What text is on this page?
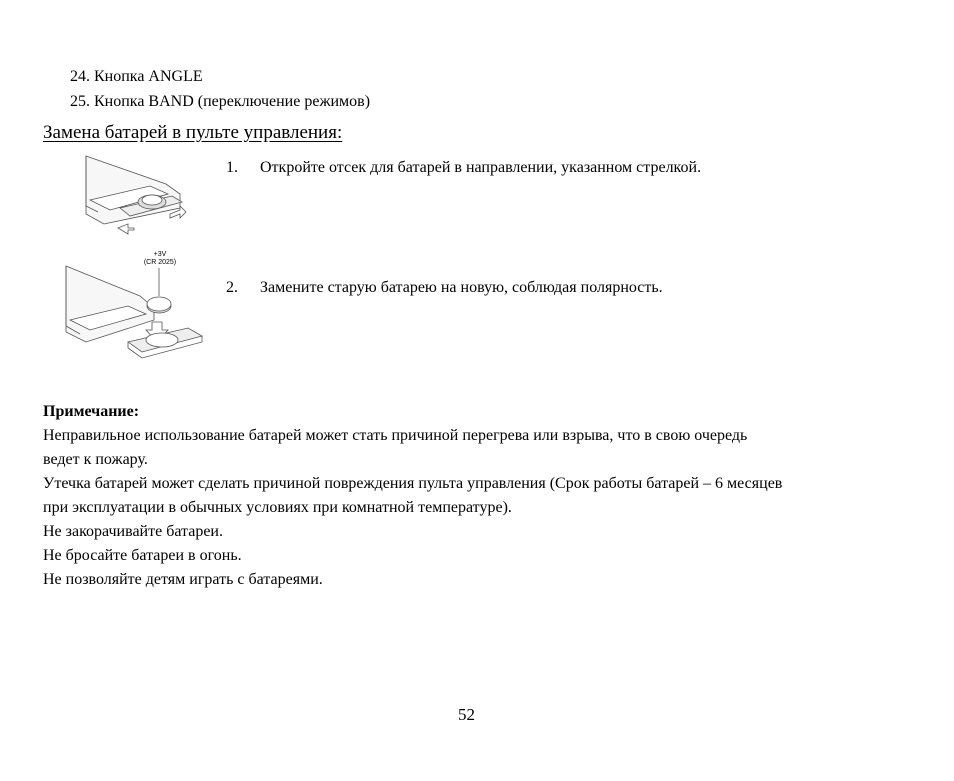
24. Кнопка ANGLE
25. Кнопка BAND (переключение режимов)
Замена батарей в пульте управления:
1. Откройте отсек для батарей в направлении, указанном стрелкой.
+3V
(CR 2025)
2. Замените старую батарею на новую, соблюдая полярность.
Примечание:
Неправильное использование батарей может стать причиной перегрева или взрыва, что в свою очередь
ведет к пожару.
Утечка батарей может сделать причиной повреждения пульта управления (Срок работы батарей – 6 месяцев
при эксплуатации в обычных условиях при комнатной температуре).
Не закорачивайте батареи.
Не бросайте батареи в огонь.
Не позволяйте детям играть с батареями.
52
